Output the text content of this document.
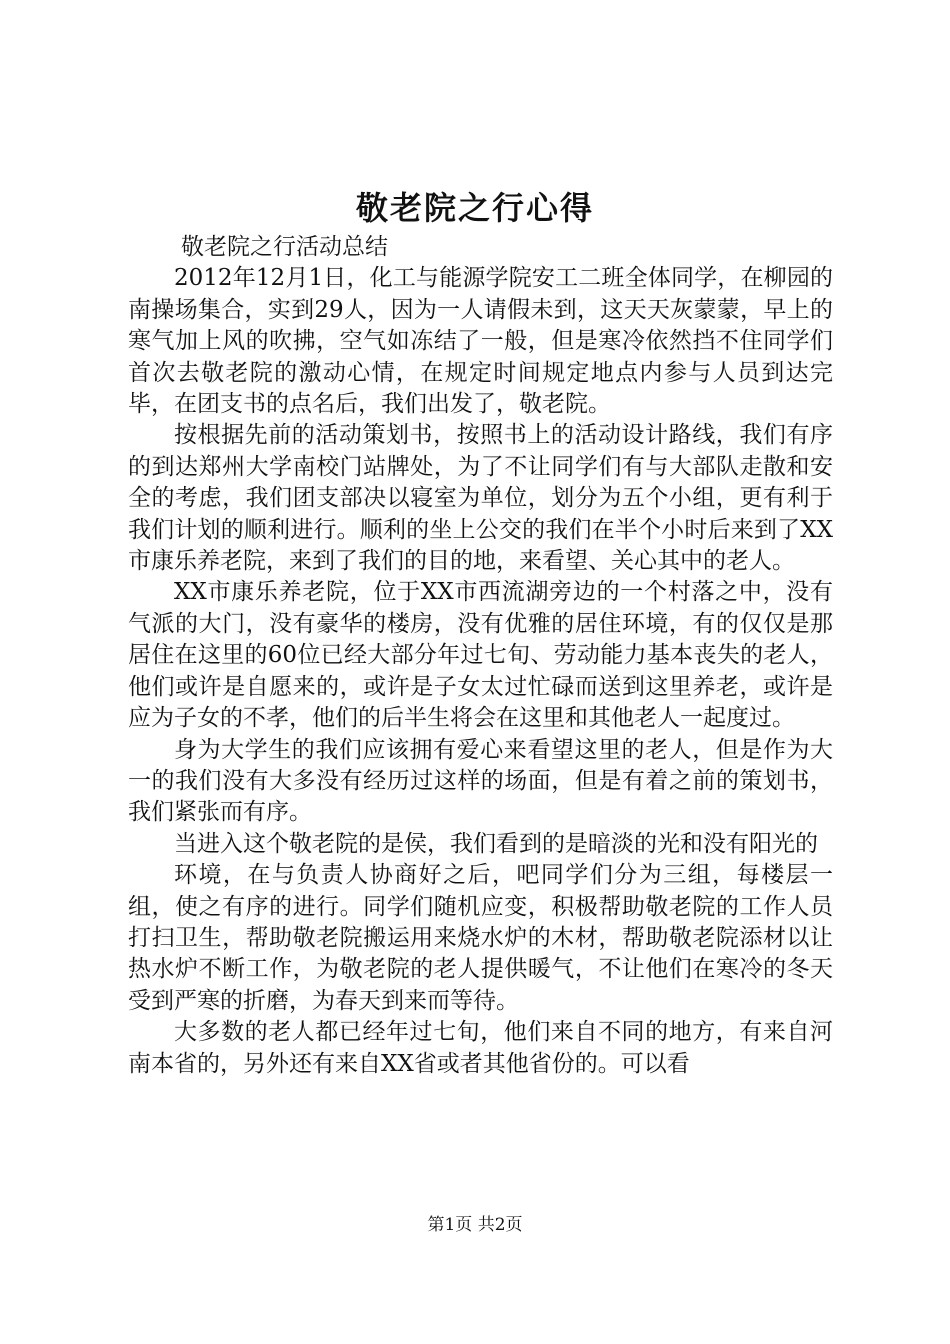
敬老院之行心得

敬老院之行活动总结

2012年12月1日，化工与能源学院安工二班全体同学，在柳园的南操场集合，实到29人，因为一人请假未到，这天天灰蒙蒙，早上的寒气加上风的吹拂，空气如冻结了一般，但是寒冷依然挡不住同学们首次去敬老院的激动心情，在规定时间规定地点内参与人员到达完毕，在团支书的点名后，我们出发了，敬老院。

按根据先前的活动策划书，按照书上的活动设计路线，我们有序的到达郑州大学南校门站牌处，为了不让同学们有与大部队走散和安全的考虑，我们团支部决以寝室为单位，划分为五个小组，更有利于我们计划的顺利进行。顺利的坐上公交的我们在半个小时后来到了XX市康乐养老院，来到了我们的目的地，来看望、关心其中的老人。

XX市康乐养老院，位于XX市西流湖旁边的一个村落之中，没有气派的大门，没有豪华的楼房，没有优雅的居住环境，有的仅仅是那居住在这里的60位已经大部分年过七旬、劳动能力基本丧失的老人，他们或许是自愿来的，或许是子女太过忙碌而送到这里养老，或许是应为子女的不孝，他们的后半生将会在这里和其他老人一起度过。

身为大学生的我们应该拥有爱心来看望这里的老人，但是作为大一的我们没有大多没有经历过这样的场面，但是有着之前的策划书，我们紧张而有序。

当进入这个敬老院的是侯，我们看到的是暗淡的光和没有阳光的

环境，在与负责人协商好之后，吧同学们分为三组，每楼层一组，使之有序的进行。同学们随机应变，积极帮助敬老院的工作人员打扫卫生，帮助敬老院搬运用来烧水炉的木材，帮助敬老院添材以让热水炉不断工作，为敬老院的老人提供暖气，不让他们在寒冷的冬天受到严寒的折磨，为春天到来而等待。

大多数的老人都已经年过七旬，他们来自不同的地方，有来自河南本省的，另外还有来自XX省或者其他省份的。可以看

第1页 共2页
